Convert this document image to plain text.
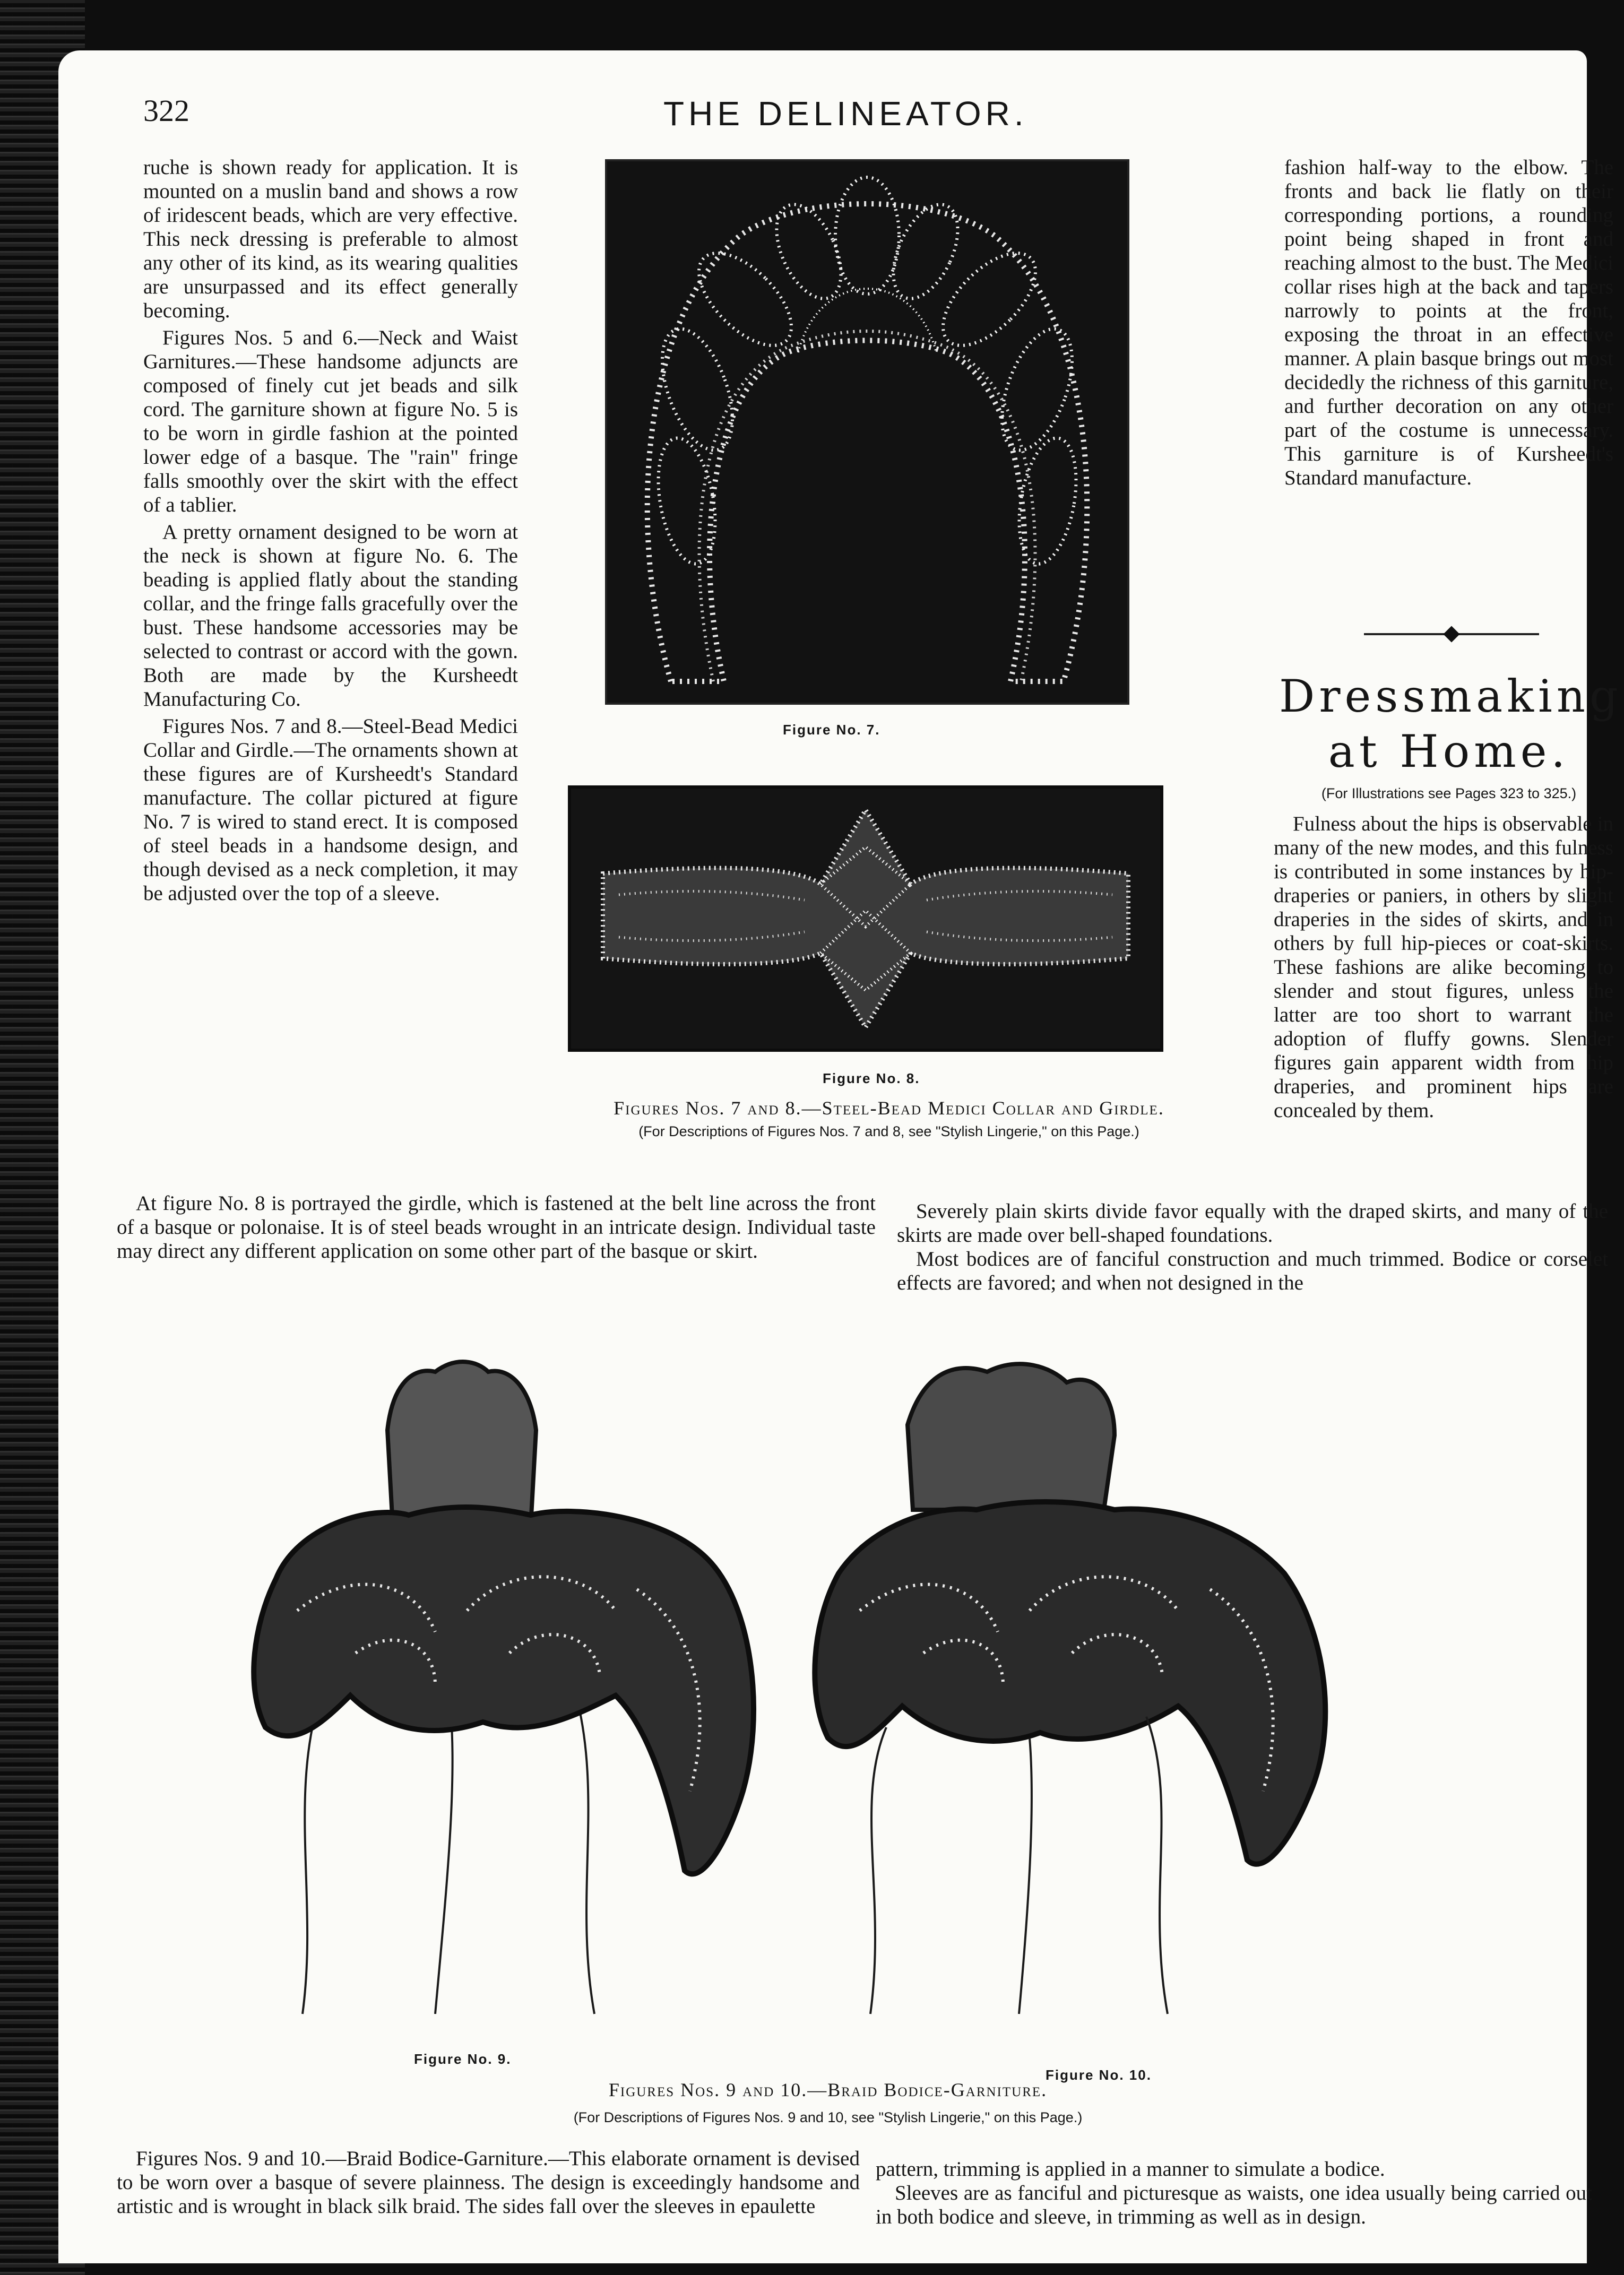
322	THE DELINEATOR.

ruche is shown ready for application. It is mounted on a muslin band and shows a row of iridescent beads, which are very effective. This neck dressing is preferable to almost any other of its kind, as its wearing qualities are unsurpassed and its effect generally becoming.

Figures Nos. 5 and 6.—Neck and Waist Garnitures.—These handsome adjuncts are composed of finely cut jet beads and silk cord. The garniture shown at figure No. 5 is to be worn in girdle fashion at the pointed lower edge of a basque. The "rain" fringe falls smoothly over the skirt with the effect of a tablier.

A pretty ornament designed to be worn at the neck is shown at figure No. 6. The beading is applied flatly about the standing collar, and the fringe falls gracefully over the bust. These handsome accessories may be selected to contrast or accord with the gown. Both are made by the Kursheedt Manufacturing Co.

Figures Nos. 7 and 8.—Steel-Bead Medici Collar and Girdle.—The ornaments shown at these figures are of Kursheedt's Standard manufacture. The collar pictured at figure No. 7 is wired to stand erect. It is composed of steel beads in a handsome design, and though devised as a neck completion, it may be adjusted over the top of a sleeve.

Figure No. 7.
Figure No. 8.
Figures Nos. 7 and 8.—Steel-Bead Medici Collar and Girdle.
(For Descriptions of Figures Nos. 7 and 8, see "Stylish Lingerie," on this Page.)

fashion half-way to the elbow. The fronts and back lie flatly on their corresponding portions, a rounding point being shaped in front and reaching almost to the bust. The Medici collar rises high at the back and tapers narrowly to points at the front, exposing the throat in an effective manner. A plain basque brings out most decidedly the richness of this garniture, and further decoration on any other part of the costume is unnecessary. This garniture is of Kursheedt's Standard manufacture.

Dressmaking at Home.
(For Illustrations see Pages 323 to 325.)

Fulness about the hips is observable in many of the new modes, and this fulness is contributed in some instances by hip-draperies or paniers, in others by slight draperies in the sides of skirts, and in others by full hip-pieces or coat-skirts. These fashions are alike becoming to slender and stout figures, unless the latter are too short to warrant the adoption of fluffy gowns. Slender figures gain apparent width from hip draperies, and prominent hips are concealed by them.

At figure No. 8 is portrayed the girdle, which is fastened at the belt line across the front of a basque or polonaise. It is of steel beads wrought in an intricate design. Individual taste may direct any different application on some other part of the basque or skirt.

Severely plain skirts divide favor equally with the draped skirts, and many of the skirts are made over bell-shaped foundations.

Most bodices are of fanciful construction and much trimmed. Bodice or corselet effects are favored; and when not designed in the

Figure No. 9.
Figure No. 10.
Figures Nos. 9 and 10.—Braid Bodice-Garniture.
(For Descriptions of Figures Nos. 9 and 10, see "Stylish Lingerie," on this Page.)

Figures Nos. 9 and 10.—Braid Bodice-Garniture.—This elaborate ornament is devised to be worn over a basque of severe plainness. The design is exceedingly handsome and artistic and is wrought in black silk braid. The sides fall over the sleeves in epaulette

pattern, trimming is applied in a manner to simulate a bodice.

Sleeves are as fanciful and picturesque as waists, one idea usually being carried out in both bodice and sleeve, in trimming as well as in design.
